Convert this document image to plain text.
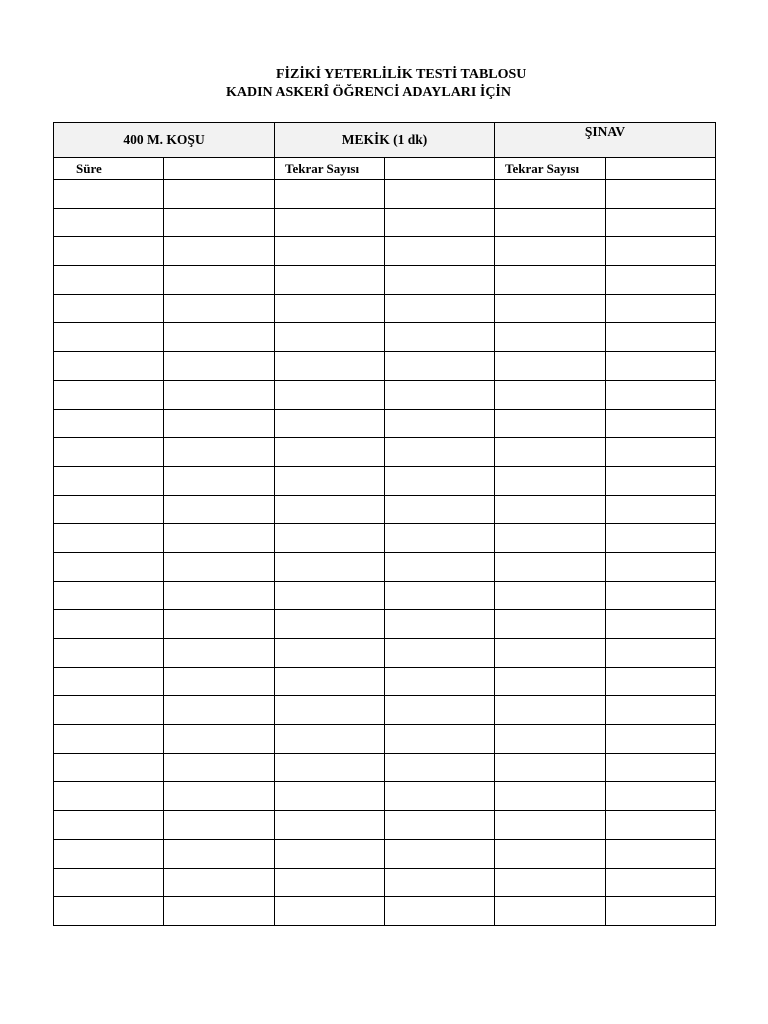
FİZİKİ YETERLİLİK TESTİ TABLOSU
KADIN ASKERÎ ÖĞRENCİ ADAYLARI İÇİN
400 M. KOŞU		MEKİK (1 dk)		ŞINAV	
Süre		Tekrar Sayısı		Tekrar Sayısı	
